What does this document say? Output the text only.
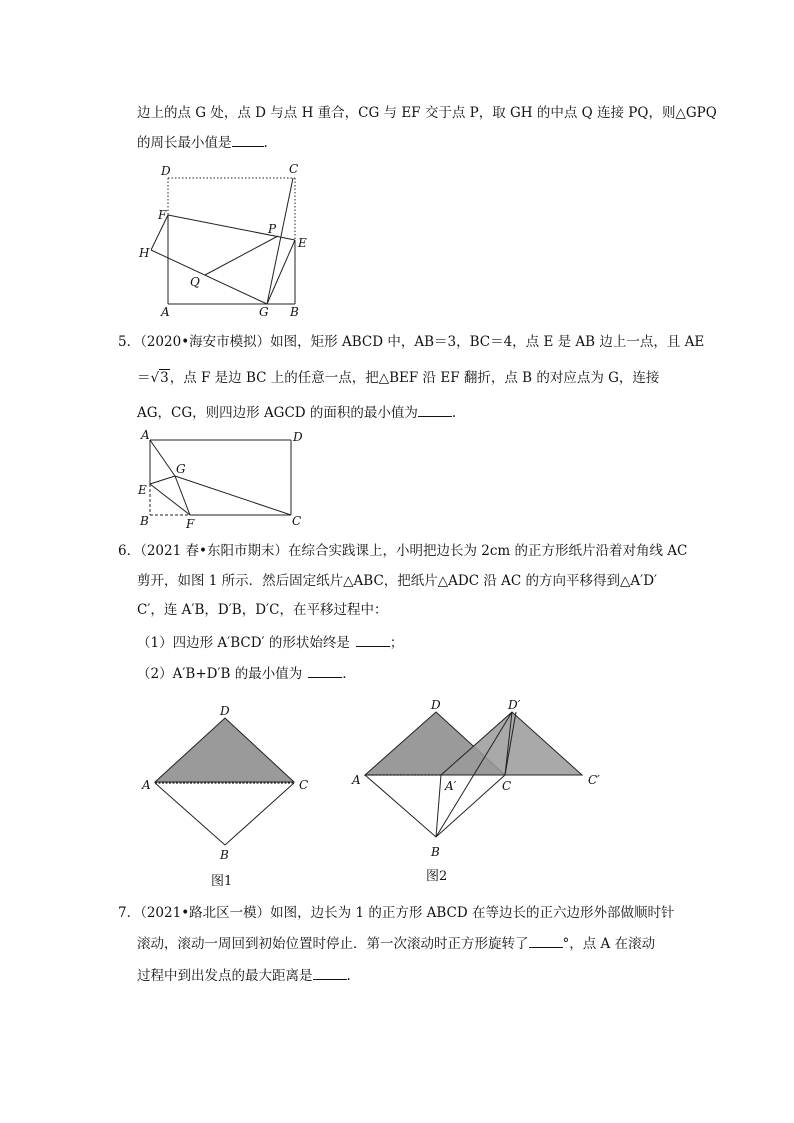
边上的点 G 处，点 D 与点 H 重合，CG 与 EF 交于点 P，取 GH 的中点 Q 连接 PQ，则△GPQ
的周长最小值是 .
D	C
F
P
E
H
Q
A	G B
A	D
G
E
B	F	C
D
A	C
B
图1
D	D′
A	A′	C	C′
B
图2
5．（2020•海安市模拟）如图，矩形 ABCD 中，AB＝3，BC＝4，点 E 是 AB 边上一点，且 AE
＝√3，点 F 是边 BC 上的任意一点，把△BEF 沿 EF 翻折，点 B 的对应点为 G，连接
AG，CG，则四边形 AGCD 的面积的最小值为	.
6．（2021 春•东阳市期末）在综合实践课上，小明把边长为 2cm 的正方形纸片沿着对角线 AC
剪开，如图 1 所示．然后固定纸片△ABC，把纸片△ADC 沿 AC 的方向平移得到△A′D′
C′，连 A′B，D′B，D′C，在平移过程中：
（1）四边形 A′BCD′ 的形状始终是	；
（2）A′B+D′B 的最小值为	.
7．（2021•路北区一模）如图，边长为 1 的正方形 ABCD 在等边长的正六边形外部做顺时针
滚动，滚动一周回到初始位置时停止．第一次滚动时正方形旋转了	°，点 A 在滚动
过程中到出发点的最大距离是	.
